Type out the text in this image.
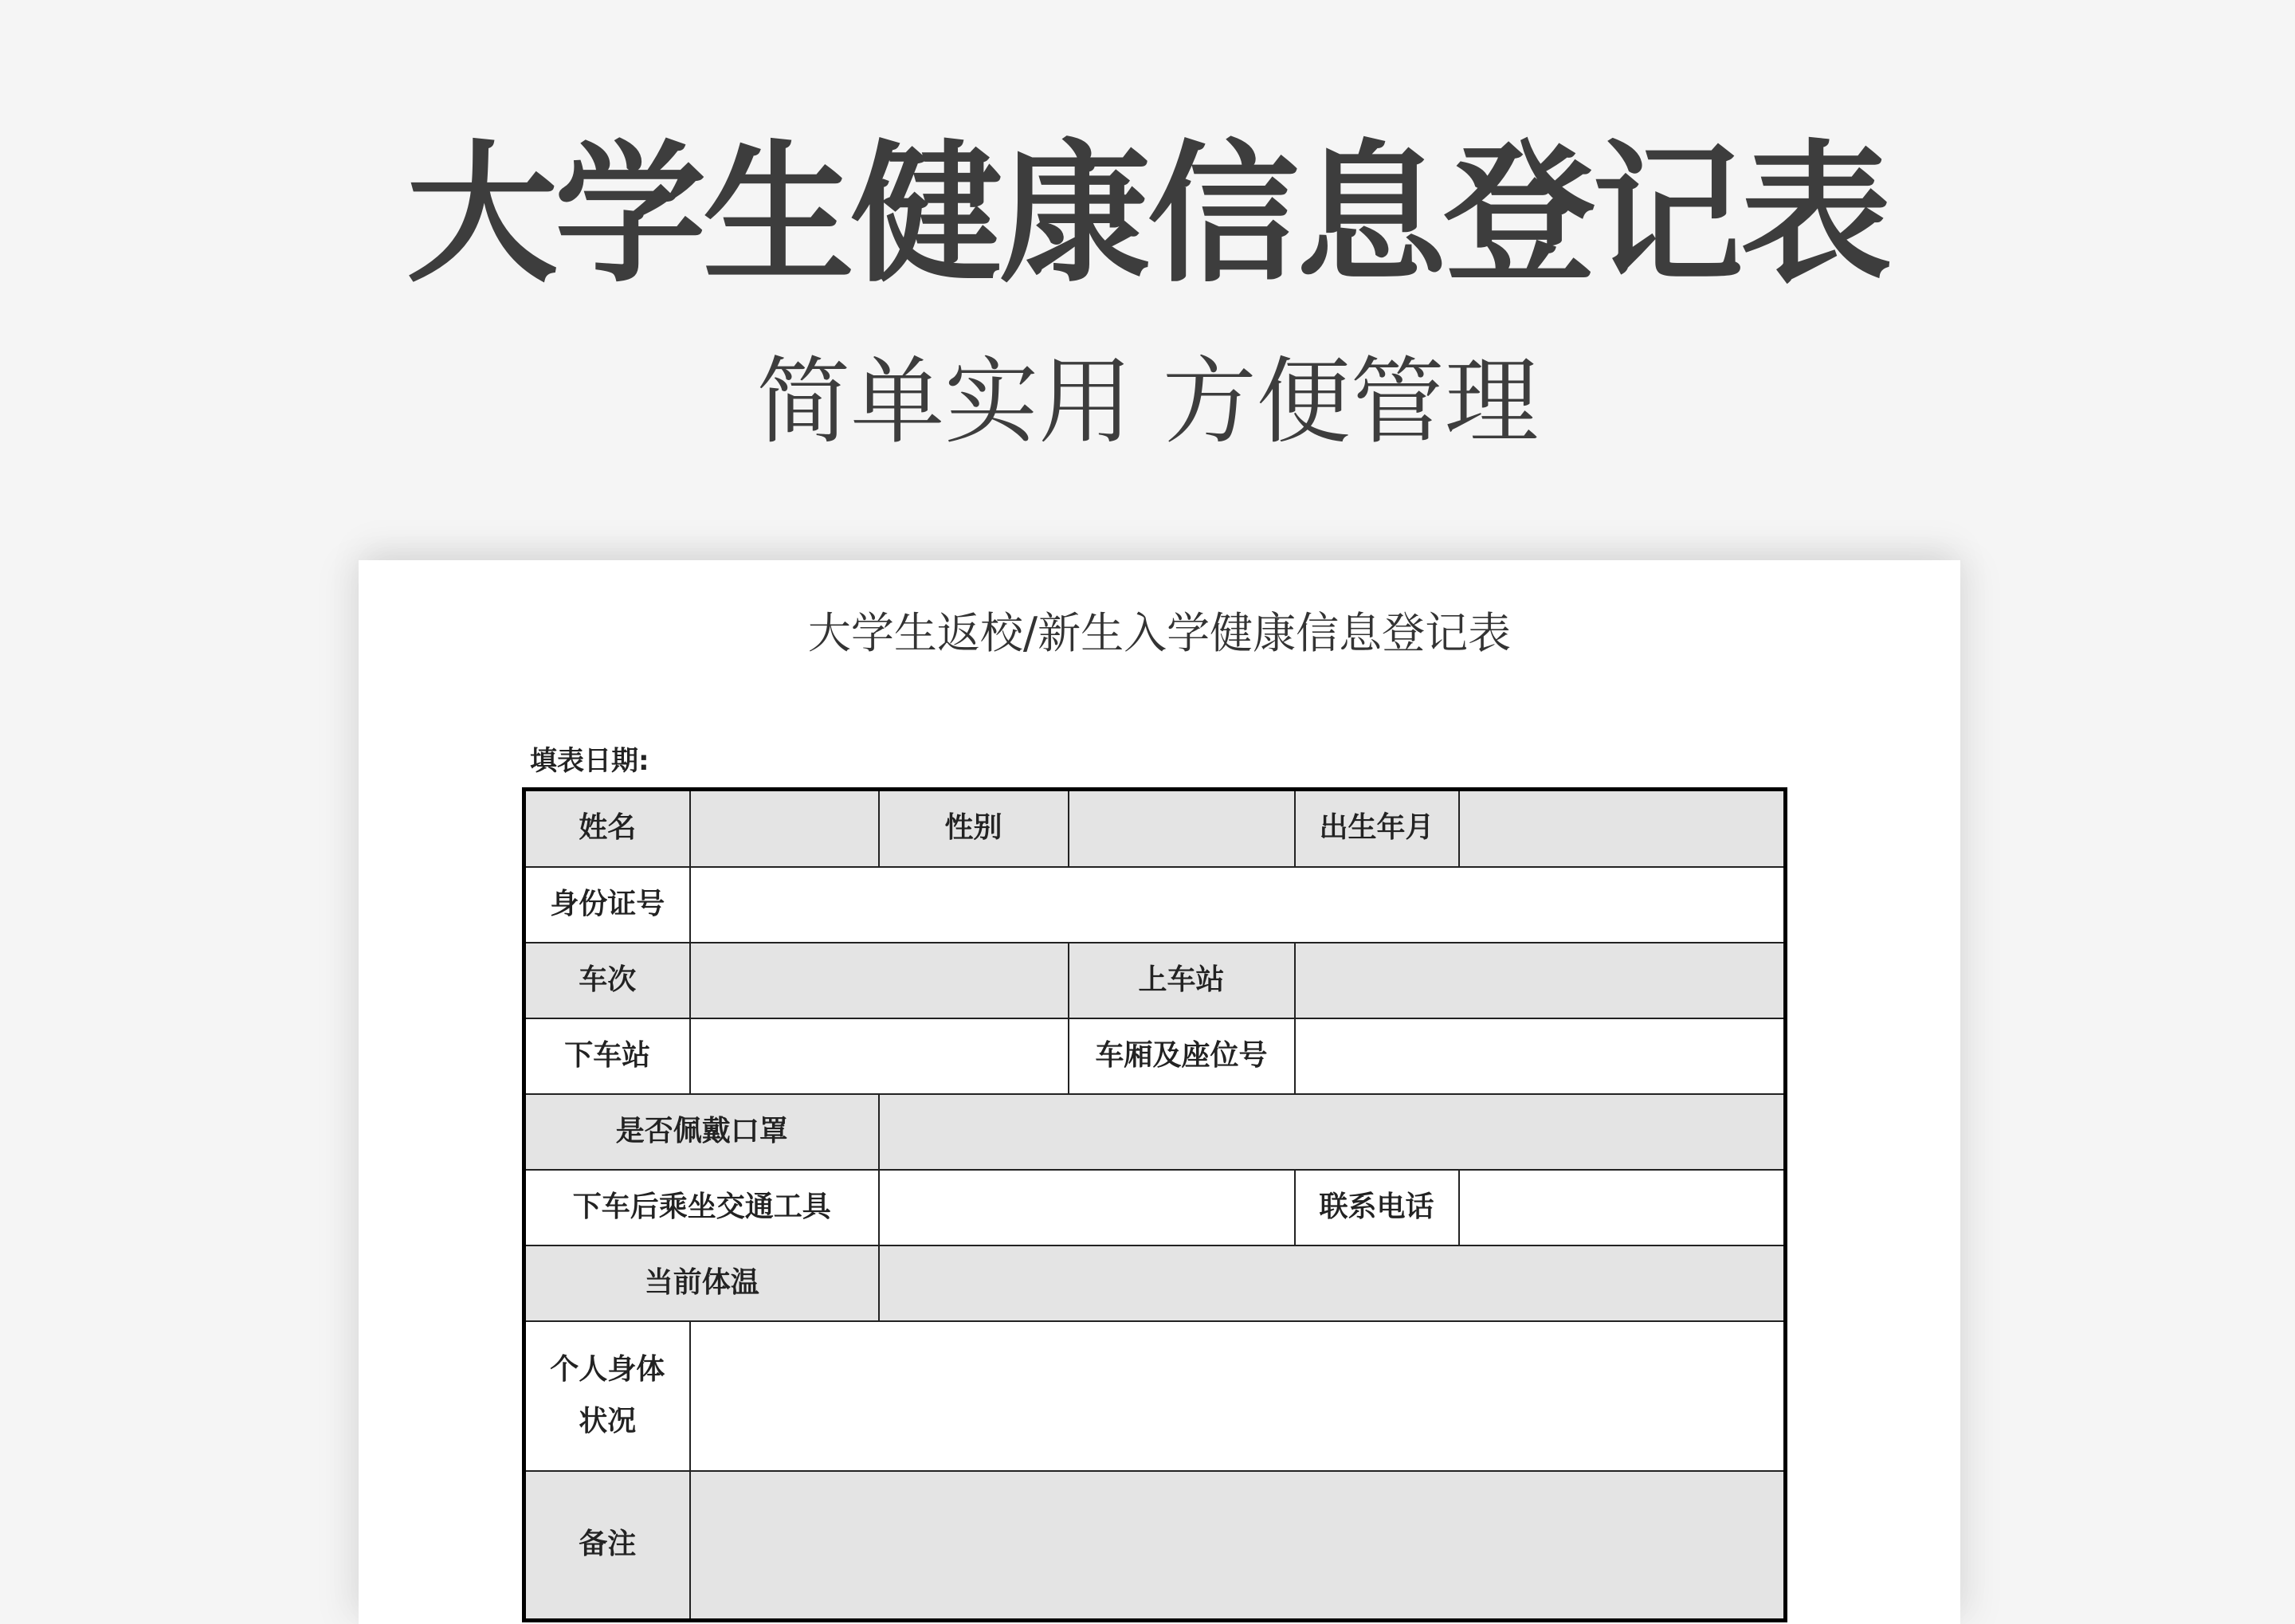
大学生健康信息登记表
简单实用 方便管理
大学生返校/新生入学健康信息登记表
填表日期:
姓名		性别		出生年月	
身份证号					
车次			上车站		
下车站			车厢及座位号		
是否佩戴口罩					
下车后乘坐交通工具				联系电话	
当前体温					

个人身体
状况					

备注					
